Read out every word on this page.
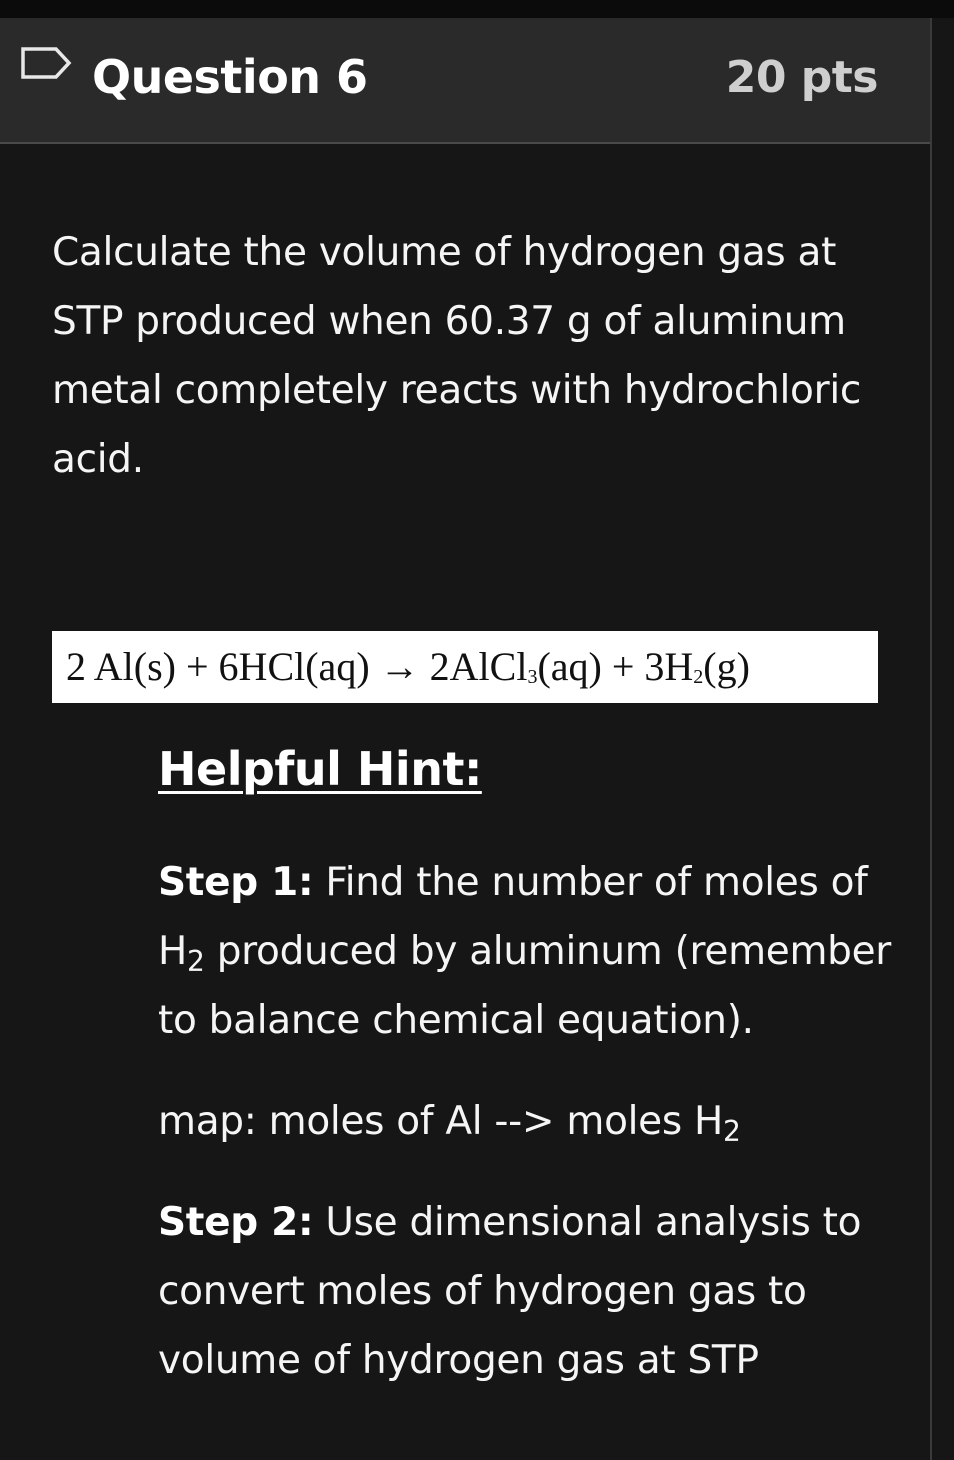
Question 6	20 pts

Calculate the volume of hydrogen gas at STP produced when 60.37 g of aluminum metal completely reacts with hydrochloric acid.

2 Al(s) + 6HCl(aq) → 2AlCl$_3$(aq) + $3H_2(g)$
Helpful Hint:

Step 1: Find the number of moles of $H_2$ produced by aluminum (remember to balance chemical equation).

map: moles of Al --> moles $H_2$

Step 2: Use dimensional analysis to convert moles of hydrogen gas to volume of hydrogen gas at STP
